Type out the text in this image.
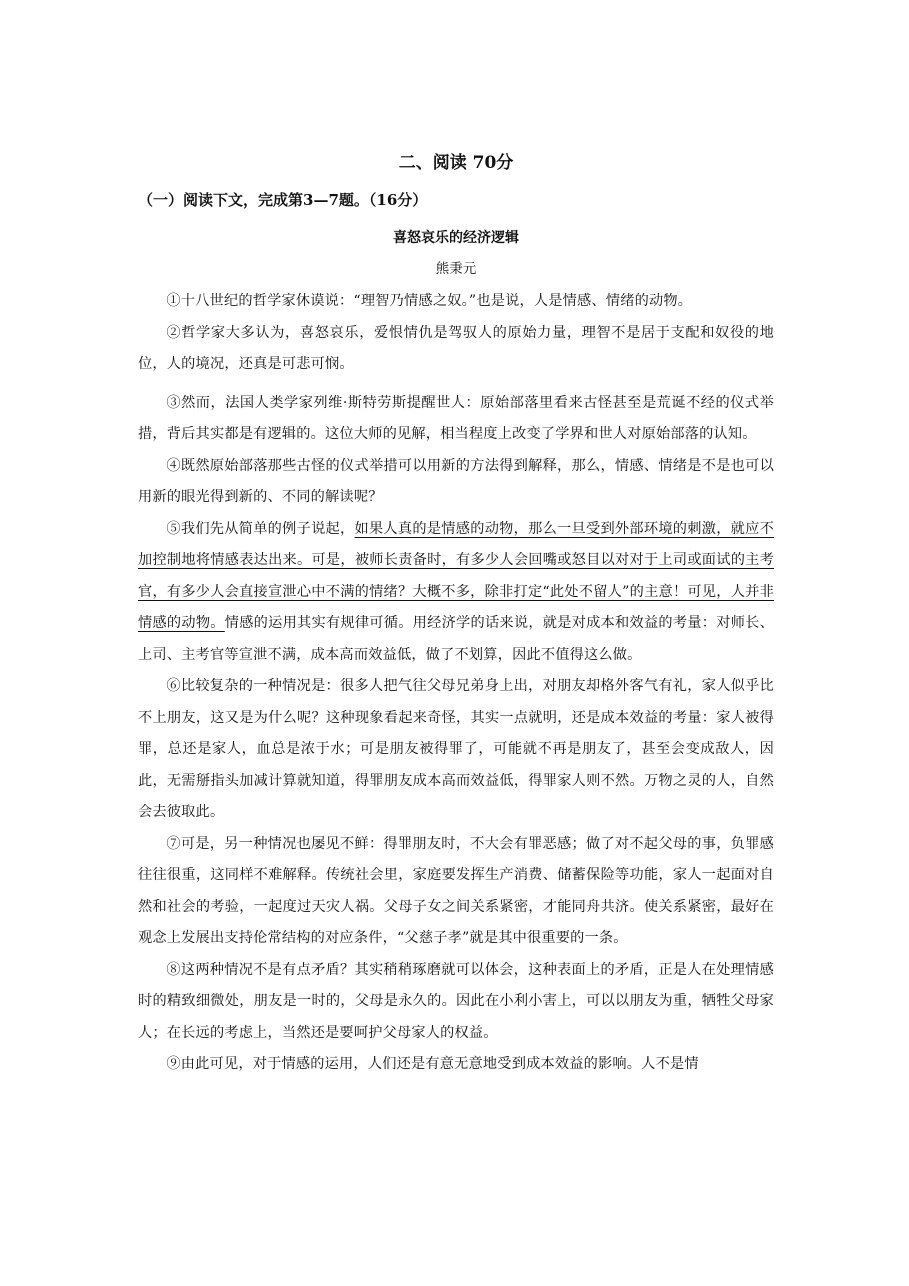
二、阅读 70分
（一）阅读下文，完成第3—7题。（16分）
喜怒哀乐的经济逻辑
熊秉元

①十八世纪的哲学家休谟说：“理智乃情感之奴。”也是说，人是情感、情绪的动物。

②哲学家大多认为，喜怒哀乐，爱恨情仇是驾驭人的原始力量，理智不是居于支配和奴役的地位，人的境况，还真是可悲可悯。

③然而，法国人类学家列维·斯特劳斯提醒世人：原始部落里看来古怪甚至是荒诞不经的仪式举措，背后其实都是有逻辑的。这位大师的见解，相当程度上改变了学界和世人对原始部落的认知。

④既然原始部落那些古怪的仪式举措可以用新的方法得到解释，那么，情感、情绪是不是也可以用新的眼光得到新的、不同的解读呢？

⑤我们先从简单的例子说起，如果人真的是情感的动物，那么一旦受到外部环境的刺激，就应不加控制地将情感表达出来。可是，被师长责备时，有多少人会回嘴或怒目以对对于上司或面试的主考官，有多少人会直接宣泄心中不满的情绪？大概不多，除非打定“此处不留人”的主意！可见，人并非情感的动物。情感的运用其实有规律可循。用经济学的话来说，就是对成本和效益的考量：对师长、上司、主考官等宣泄不满，成本高而效益低，做了不划算，因此不值得这么做。

⑥比较复杂的一种情况是：很多人把气往父母兄弟身上出，对朋友却格外客气有礼，家人似乎比不上朋友，这又是为什么呢？这种现象看起来奇怪，其实一点就明，还是成本效益的考量：家人被得罪，总还是家人，血总是浓于水；可是朋友被得罪了，可能就不再是朋友了，甚至会变成敌人，因此，无需掰指头加减计算就知道，得罪朋友成本高而效益低，得罪家人则不然。万物之灵的人，自然会去彼取此。

⑦可是，另一种情况也屡见不鲜：得罪朋友时，不大会有罪恶感；做了对不起父母的事，负罪感往往很重，这同样不难解释。传统社会里，家庭要发挥生产消费、储蓄保险等功能，家人一起面对自然和社会的考验，一起度过天灾人祸。父母子女之间关系紧密，才能同舟共济。使关系紧密，最好在观念上发展出支持伦常结构的对应条件，“父慈子孝”就是其中很重要的一条。

⑧这两种情况不是有点矛盾？其实稍稍琢磨就可以体会，这种表面上的矛盾，正是人在处理情感时的精致细微处，朋友是一时的，父母是永久的。因此在小利小害上，可以以朋友为重，牺牲父母家人；在长远的考虑上，当然还是要呵护父母家人的权益。

⑨由此可见，对于情感的运用，人们还是有意无意地受到成本效益的影响。人不是情
